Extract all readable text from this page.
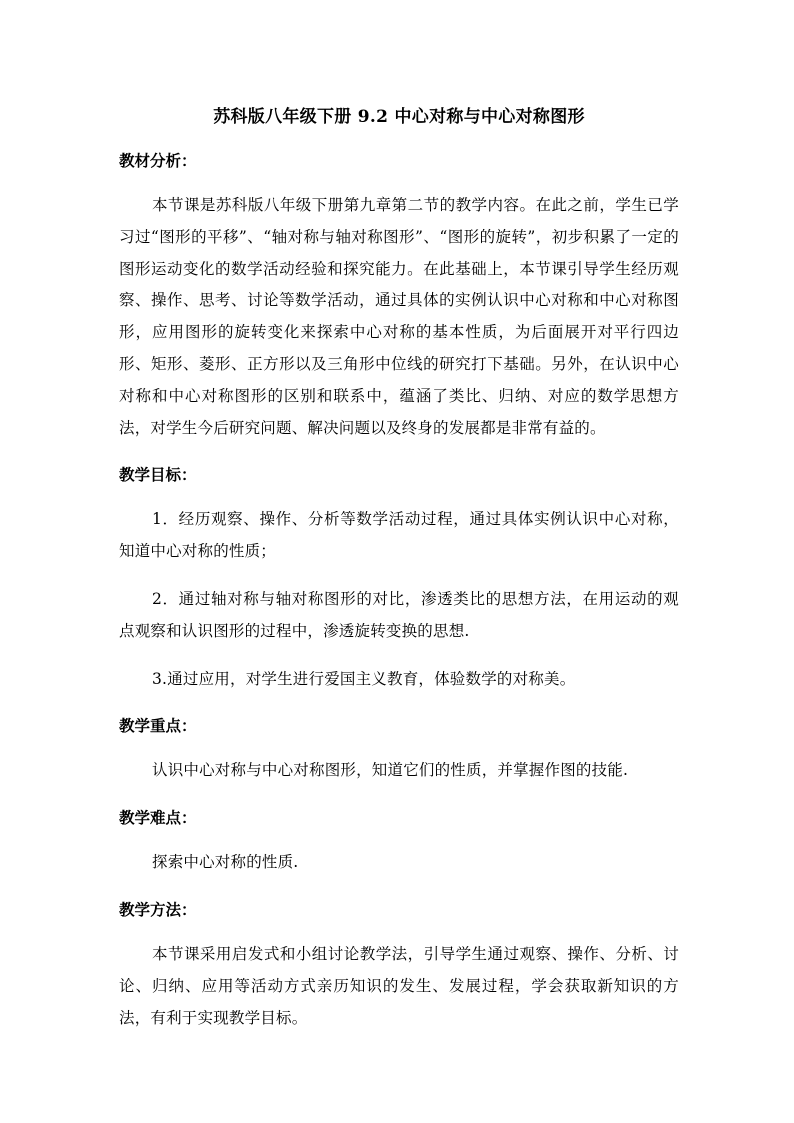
苏科版八年级下册 9.2 中心对称与中心对称图形
教材分析：

本节课是苏科版八年级下册第九章第二节的教学内容。在此之前，学生已学习过“图形的平移”、“轴对称与轴对称图形”、“图形的旋转”，初步积累了一定的图形运动变化的数学活动经验和探究能力。在此基础上，本节课引导学生经历观察、操作、思考、讨论等数学活动，通过具体的实例认识中心对称和中心对称图形，应用图形的旋转变化来探索中心对称的基本性质，为后面展开对平行四边形、矩形、菱形、正方形以及三角形中位线的研究打下基础。另外，在认识中心对称和中心对称图形的区别和联系中，蕴涵了类比、归纳、对应的数学思想方法，对学生今后研究问题、解决问题以及终身的发展都是非常有益的。

教学目标：

1．经历观察、操作、分析等数学活动过程，通过具体实例认识中心对称，知道中心对称的性质；

2．通过轴对称与轴对称图形的对比，渗透类比的思想方法，在用运动的观点观察和认识图形的过程中，渗透旋转变换的思想.

3.通过应用，对学生进行爱国主义教育，体验数学的对称美。

教学重点：

认识中心对称与中心对称图形，知道它们的性质，并掌握作图的技能.

教学难点：

探索中心对称的性质.

教学方法：

本节课采用启发式和小组讨论教学法，引导学生通过观察、操作、分析、讨论、归纳、应用等活动方式亲历知识的发生、发展过程，学会获取新知识的方法，有利于实现教学目标。
